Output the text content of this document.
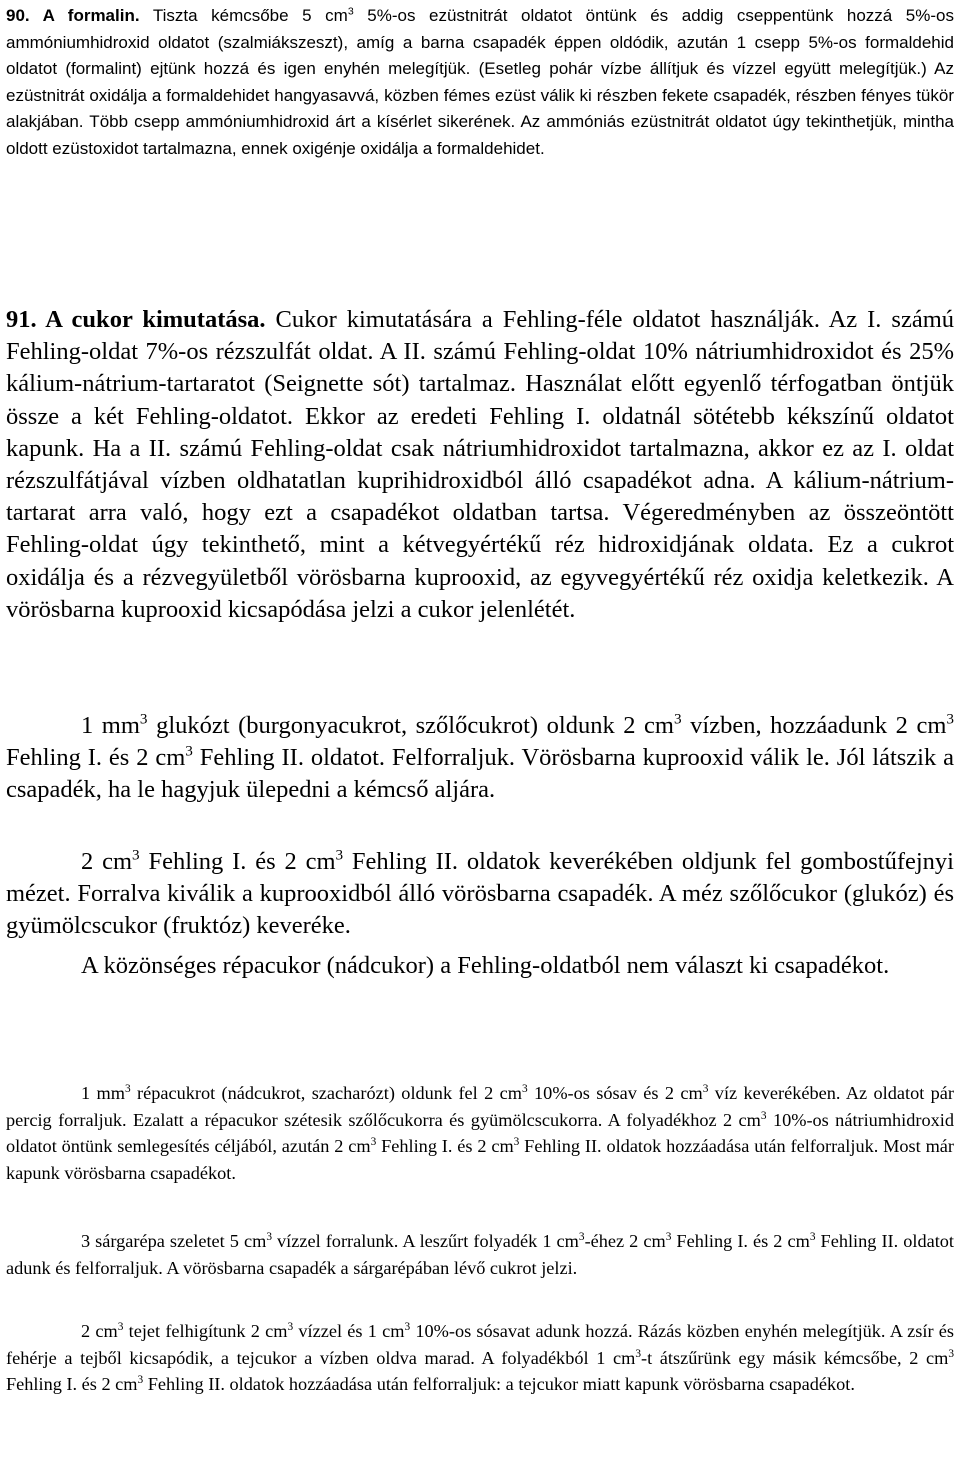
90. A formalin. Tiszta kémcsőbe 5 $cm^3$ 5%-os ezüstnitrát oldatot öntünk és addig cseppentünk hozzá 5%-os ammóniumhidroxid oldatot (szalmiákszeszt), amíg a barna csapadék éppen oldódik, azután 1 csepp 5%-os formaldehid oldatot (formalint) ejtünk hozzá és igen enyhén melegítjük. (Esetleg pohár vízbe állítjuk és vízzel együtt melegítjük.) Az ezüstnitrát oxidálja a formaldehidet hangyasavvá, közben fémes ezüst válik ki részben fekete csapadék, részben fényes tükör alakjában. Több csepp ammóniumhidroxid árt a kísérlet sikerének. Az ammóniás ezüstnitrát oldatot úgy tekinthetjük, mintha oldott ezüstoxidot tartalmazna, ennek oxigénje oxidálja a formaldehidet.

91. A cukor kimutatása. Cukor kimutatására a Fehling-féle oldatot használják. Az I. számú Fehling-oldat 7%-os rézszulfát oldat. A II. számú Fehling-oldat 10% nátriumhidroxidot és 25% kálium-nátrium-tartaratot (Seignette sót) tartalmaz. Használat előtt egyenlő térfogatban öntjük össze a két Fehling-oldatot. Ekkor az eredeti Fehling I. oldatnál sötétebb kékszínű oldatot kapunk. Ha a II. számú Fehling-oldat csak nátriumhidroxidot tartalmazna, akkor ez az I. oldat rézszulfátjával vízben oldhatatlan kuprihidroxidból álló csapadékot adna. A kálium-nátrium-tartarat arra való, hogy ezt a csapadékot oldatban tartsa. Végeredményben az összeöntött Fehling-oldat úgy tekinthető, mint a kétvegyértékű réz hidroxidjának oldata. Ez a cukrot oxidálja és a rézvegyületből vörösbarna kuprooxid, az egyvegyértékű réz oxidja keletkezik. A vörösbarna kuprooxid kicsapódása jelzi a cukor jelenlétét.

1 $mm^3$ glukózt (burgonyacukrot, szőlőcukrot) oldunk 2 $cm^3$ vízben, hozzáadunk 2 $cm^3$ Fehling I. és 2 $cm^3$ Fehling II. oldatot. Felforraljuk. Vörösbarna kuprooxid válik le. Jól látszik a csapadék, ha le hagyjuk ülepedni a kémcső aljára.

2 $cm^3$ Fehling I. és 2 $cm^3$ Fehling II. oldatok keverékében oldjunk fel gombostűfejnyi mézet. Forralva kiválik a kuprooxidból álló vörösbarna csapadék. A méz szőlőcukor (glukóz) és gyümölcscukor (fruktóz) keveréke.

A közönséges répacukor (nádcukor) a Fehling-oldatból nem választ ki csapadékot.

1 $mm^3$ répacukrot (nádcukrot, szacharózt) oldunk fel 2 $cm^3$ 10%-os sósav és 2 $cm^3$ víz keverékében. Az oldatot pár percig forraljuk. Ezalatt a répacukor szétesik szőlőcukorra és gyümölcscukorra. A folyadékhoz 2 $cm^3$ 10%-os nátriumhidroxid oldatot öntünk semlegesítés céljából, azután 2 $cm^3$ Fehling I. és 2 $cm^3$ Fehling II. oldatok hozzáadása után felforraljuk. Most már kapunk vörösbarna csapadékot.

3 sárgarépa szeletet 5 $cm^3$ vízzel forralunk. A leszűrt folyadék 1 $cm^3$-éhez 2 $cm^3$ Fehling I. és 2 $cm^3$ Fehling II. oldatot adunk és felforraljuk. A vörösbarna csapadék a sárgarépában lévő cukrot jelzi.

2 $cm^3$ tejet felhigítunk 2 $cm^3$ vízzel és 1 $cm^3$ 10%-os sósavat adunk hozzá. Rázás közben enyhén melegítjük. A zsír és fehérje a tejből kicsapódik, a tejcukor a vízben oldva marad. A folyadékból 1 $cm^3-t$ átszűrünk egy másik kémcsőbe, 2 $cm^3$ Fehling I. és 2 $cm^3$ Fehling II. oldatok hozzáadása után felforraljuk: a tejcukor miatt kapunk vörösbarna csapadékot.
